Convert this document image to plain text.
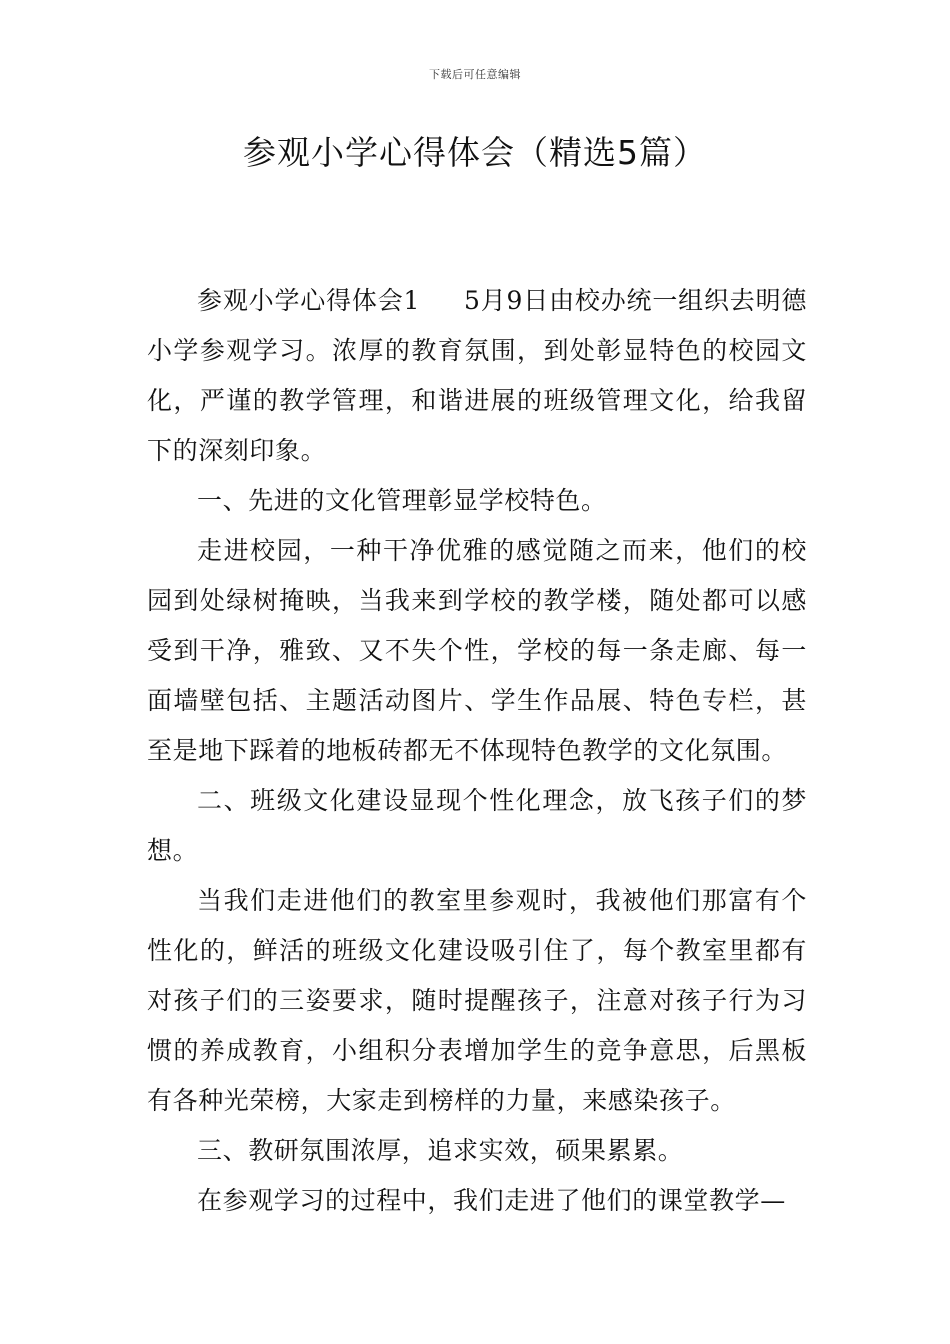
下载后可任意编辑
参观小学心得体会（精选5篇）

参观小学心得体会1 5月9日由校办统一组织去明德小学参观学习。浓厚的教育氛围，到处彰显特色的校园文化，严谨的教学管理，和谐进展的班级管理文化，给我留下的深刻印象。

一、先进的文化管理彰显学校特色。

走进校园，一种干净优雅的感觉随之而来，他们的校园到处绿树掩映，当我来到学校的教学楼，随处都可以感受到干净，雅致、又不失个性，学校的每一条走廊、每一面墙壁包括、主题活动图片、学生作品展、特色专栏，甚至是地下踩着的地板砖都无不体现特色教学的文化氛围。

二、班级文化建设显现个性化理念，放飞孩子们的梦想。

当我们走进他们的教室里参观时，我被他们那富有个性化的，鲜活的班级文化建设吸引住了，每个教室里都有对孩子们的三姿要求，随时提醒孩子，注意对孩子行为习惯的养成教育，小组积分表增加学生的竞争意思，后黑板有各种光荣榜，大家走到榜样的力量，来感染孩子。

三、教研氛围浓厚，追求实效，硕果累累。

在参观学习的过程中，我们走进了他们的课堂教学—
